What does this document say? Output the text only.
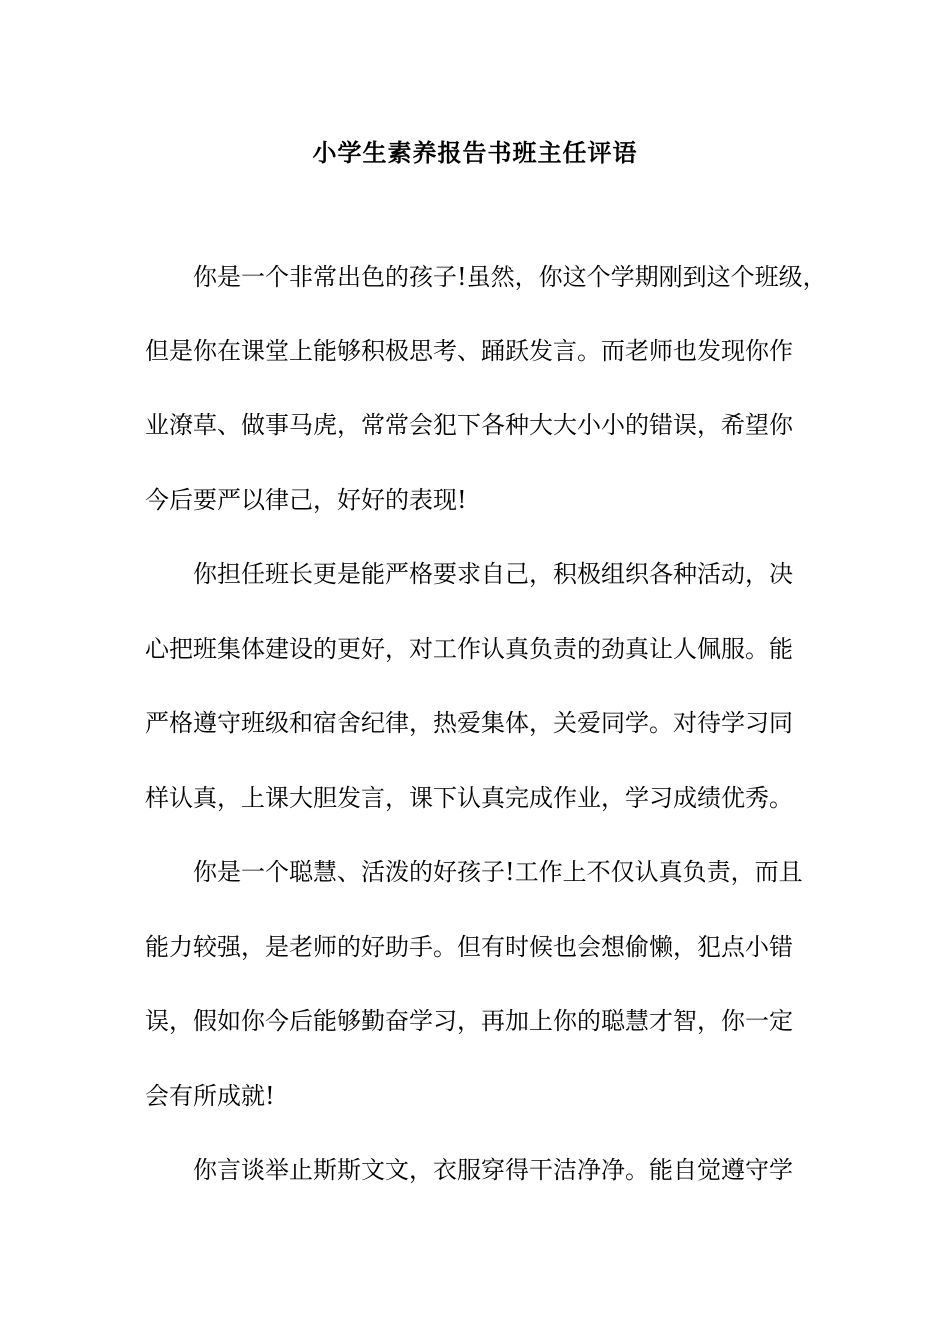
小学生素养报告书班主任评语
你是一个非常出色的孩子!虽然，你这个学期刚到这个班级，
但是你在课堂上能够积极思考、踊跃发言。而老师也发现你作
业潦草、做事马虎，常常会犯下各种大大小小的错误，希望你
今后要严以律己，好好的表现!
你担任班长更是能严格要求自己，积极组织各种活动，决
心把班集体建设的更好，对工作认真负责的劲真让人佩服。能
严格遵守班级和宿舍纪律，热爱集体，关爱同学。对待学习同
样认真，上课大胆发言，课下认真完成作业，学习成绩优秀。
你是一个聪慧、活泼的好孩子!工作上不仅认真负责，而且
能力较强，是老师的好助手。但有时候也会想偷懒，犯点小错
误，假如你今后能够勤奋学习，再加上你的聪慧才智，你一定
会有所成就!
你言谈举止斯斯文文，衣服穿得干洁净净。能自觉遵守学
